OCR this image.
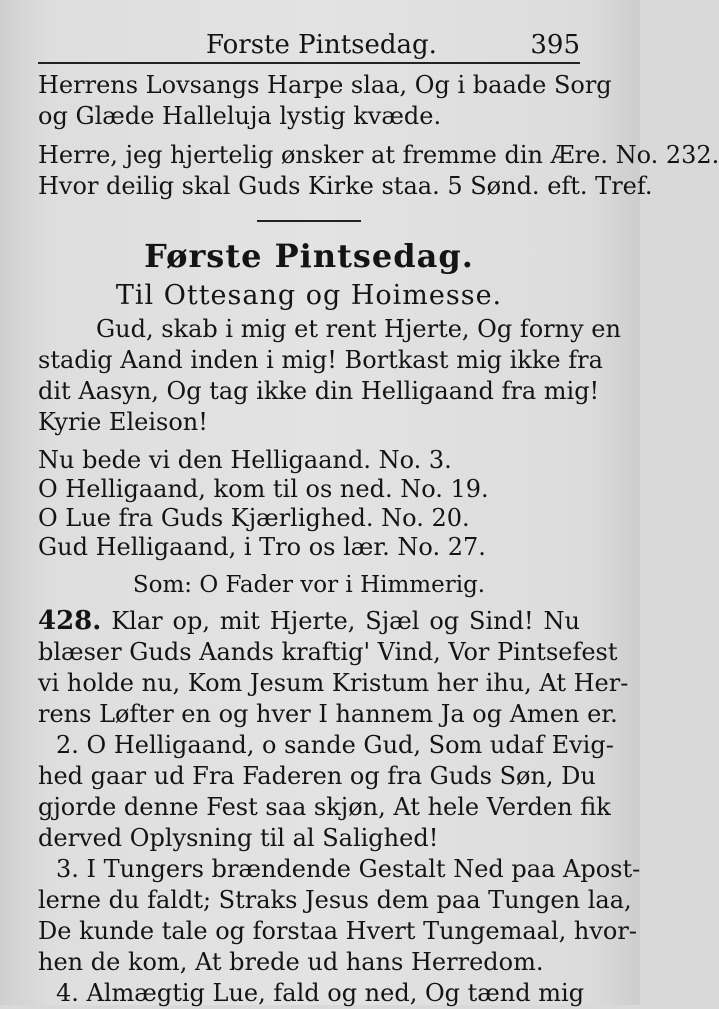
Forste Pintsedag.	395
Herrens Lovsangs Harpe slaa, Og i baade Sorg
og Glæde Halleluja lystig kvæde.
Herre, jeg hjertelig ønsker at fremme din Ære. No. 232.
Hvor deilig skal Guds Kirke staa. 5 Sønd. eft. Tref.
Første Pintsedag.
Til Ottesang og Hoimesse.
Gud, skab i mig et rent Hjerte, Og forny en
stadig Aand inden i mig! Bortkast mig ikke fra
dit Aasyn, Og tag ikke din Helligaand fra mig!
Kyrie Eleison!
Nu bede vi den Helligaand. No. 3.
O Helligaand, kom til os ned. No. 19.
O Lue fra Guds Kjærlighed. No. 20.
Gud Helligaand, i Tro os lær. No. 27.
Som: O Fader vor i Himmerig.
428. Klar op, mit Hjerte, Sjæl og Sind! Nu
blæser Guds Aands kraftig' Vind, Vor Pintsefest
vi holde nu, Kom Jesum Kristum her ihu, At Her-
rens Løfter en og hver I hannem Ja og Amen er.
2. O Helligaand, o sande Gud, Som udaf Evig-
hed gaar ud Fra Faderen og fra Guds Søn, Du
gjorde denne Fest saa skjøn, At hele Verden fik
derved Oplysning til al Salighed!
3. I Tungers brændende Gestalt Ned paa Apost-
lerne du faldt; Straks Jesus dem paa Tungen laa,
De kunde tale og forstaa Hvert Tungemaal, hvor-
hen de kom, At brede ud hans Herredom.
4. Almægtig Lue, fald og ned, Og tænd mig
